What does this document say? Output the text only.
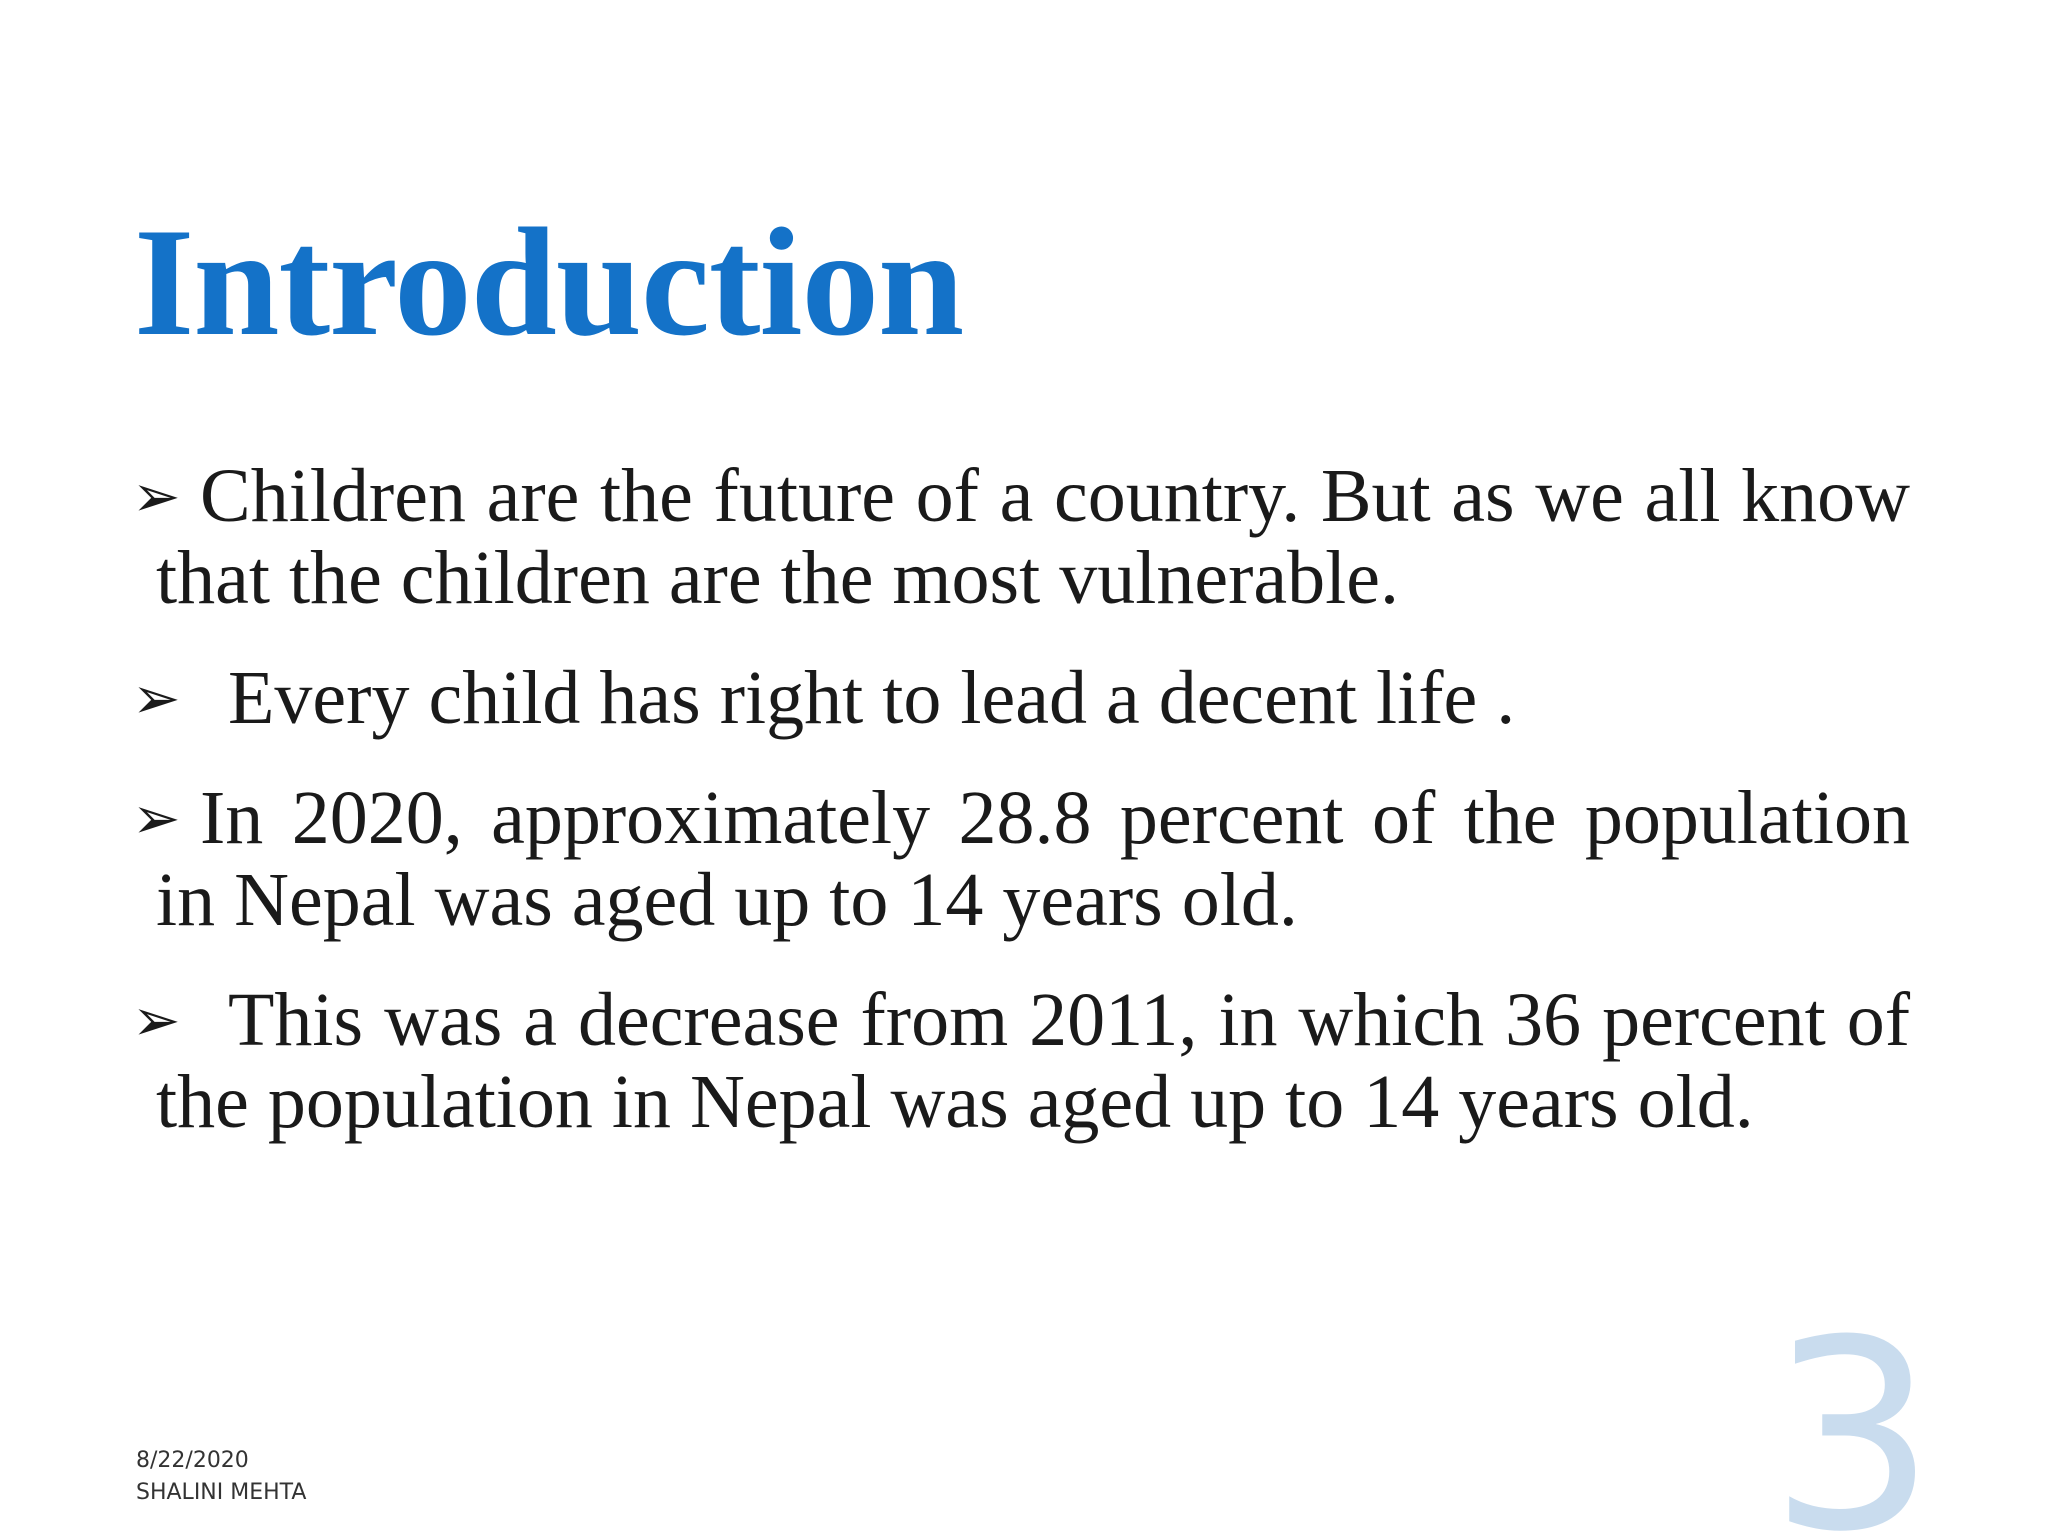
Introduction
➢ Children are the future of a country. But as we all know that the children are the most vulnerable.
➢ Every child has right to lead a decent life .
➢ In 2020, approximately 28.8 percent of the population in Nepal was aged up to 14 years old.
➢ This was a decrease from 2011, in which 36 percent of the population in Nepal was aged up to 14 years old.

8/22/2020

SHALINI MEHTA	3
